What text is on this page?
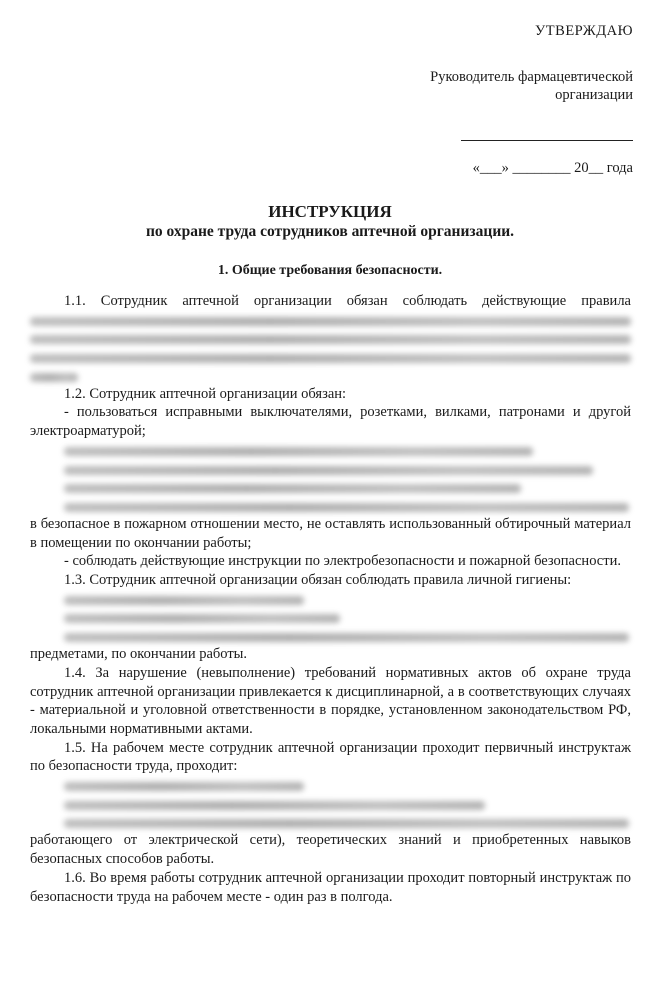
УТВЕРЖДАЮ
Руководитель фармацевтической
организации
«___» ________ 20__ года
ИНСТРУКЦИЯ
по охране труда сотрудников аптечной организации.
1. Общие требования безопасности.

1.1. Сотрудник аптечной организации обязан соблюдать действующие правила

1.2. Сотрудник аптечной организации обязан:

- пользоваться исправными выключателями, розетками, вилками, патронами и другой электроарматурой;

в безопасное в пожарном отношении место, не оставлять использованный обтирочный материал в помещении по окончании работы;

- соблюдать действующие инструкции по электробезопасности и пожарной безопасности.

1.3. Сотрудник аптечной организации обязан соблюдать правила личной гигиены:

предметами, по окончании работы.

1.4. За нарушение (невыполнение) требований нормативных актов об охране труда сотрудник аптечной организации привлекается к дисциплинарной, а в соответствующих случаях - материальной и уголовной ответственности в порядке, установленном законодательством РФ, локальными нормативными актами.

1.5. На рабочем месте сотрудник аптечной организации проходит первичный инструктаж по безопасности труда, проходит:

работающего от электрической сети), теоретических знаний и приобретенных навыков безопасных способов работы.

1.6. Во время работы сотрудник аптечной организации проходит повторный инструктаж по безопасности труда на рабочем месте - один раз в полгода.
